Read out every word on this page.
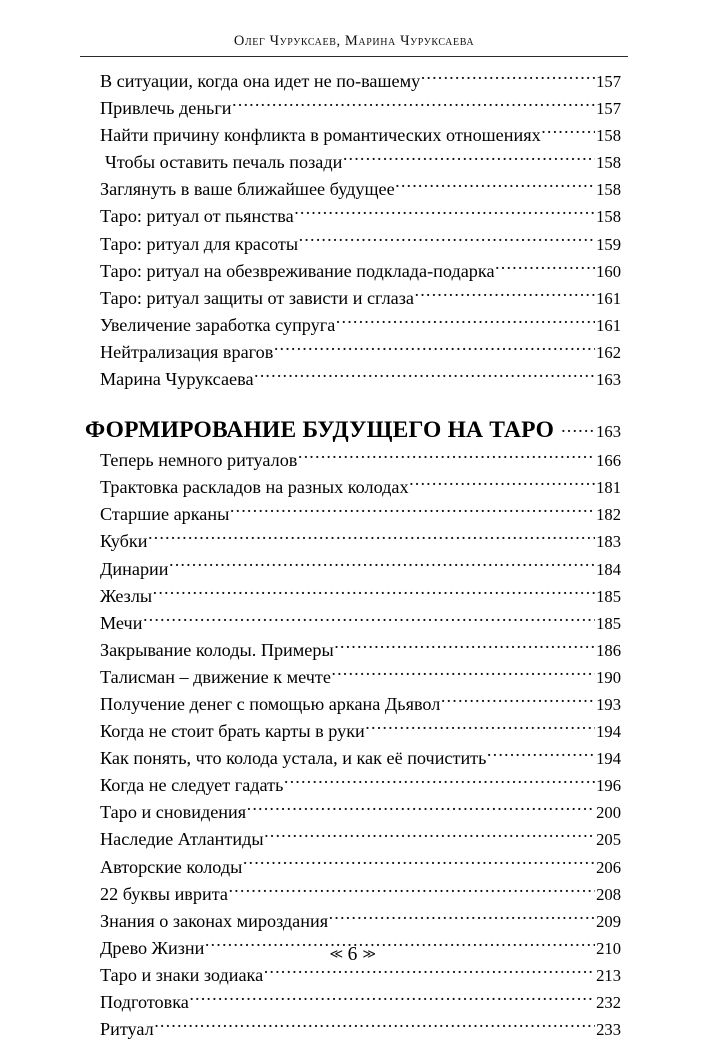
Олег Чуруксаев, Марина Чуруксаева
В ситуации, когда она идет не по-вашему .....	157
Привлечь деньги .....	157
Найти причину конфликта в романтических отношениях .....	158
Чтобы оставить печаль позади .....	158
Заглянуть в ваше ближайшее будущее .....	158
Таро: ритуал от пьянства .....	158
Таро: ритуал для красоты .....	159
Таро: ритуал на обезвреживание подклада-подарка .....	160
Таро: ритуал защиты от зависти и сглаза .....	161
Увеличение заработка супруга .....	161
Нейтрализация врагов .....	162
Марина Чуруксаева .....	163
ФОРМИРОВАНИЕ БУДУЩЕГО НА ТАРО .....	163
Теперь немного ритуалов .....	166
Трактовка раскладов на разных колодах .....	181
Старшие арканы .....	182
Кубки .....	183
Динарии .....	184
Жезлы .....	185
Мечи .....	185
Закрывание колоды. Примеры .....	186
Талисман – движение к мечте .....	190
Получение денег с помощью аркана Дьявол .....	193
Когда не стоит брать карты в руки .....	194
Как понять, что колода устала, и как её почистить .....	194
Когда не следует гадать .....	196
Таро и сновидения .....	200
Наследие Атлантиды .....	205
Авторские колоды .....	206
22 буквы иврита .....	208
Знания о законах мироздания .....	209
Древо Жизни .....	210
Таро и знаки зодиака .....	213
Подготовка .....	232
Ритуал .....	233
≪ 6 ≫
